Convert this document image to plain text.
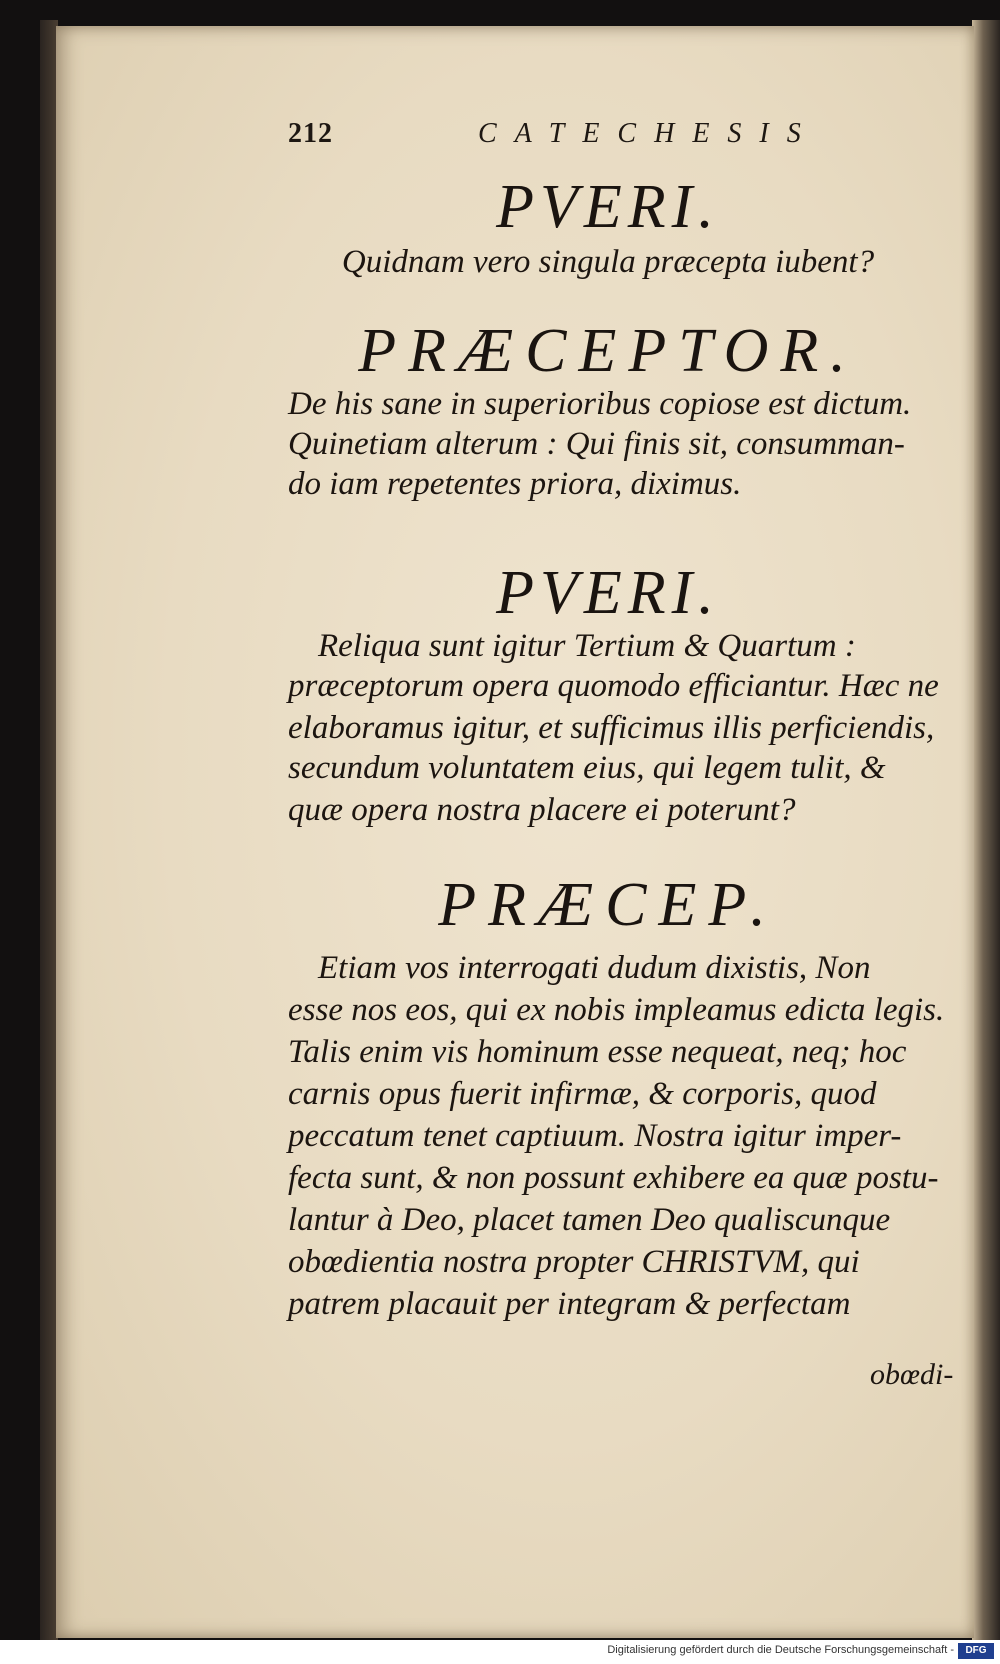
212	CATECHESIS
PVERI.
Quidnam vero singula præcepta iubent?
PRÆCEPTOR.
De his sane in superioribus copiose est dictum.
Quinetiam alterum : Qui finis sit, consumman-
do iam repetentes priora, diximus.
PVERI.
Reliqua sunt igitur Tertium & Quartum :
præceptorum opera quomodo efficiantur. Hæc ne
elaboramus igitur, et sufficimus illis perficiendis,
secundum voluntatem eius, qui legem tulit, &
quæ opera nostra placere ei poterunt?
PRÆCEP.
Etiam vos interrogati dudum dixistis, Non
esse nos eos, qui ex nobis impleamus edicta legis.
Talis enim vis hominum esse nequeat, neq; hoc
carnis opus fuerit infirmæ, & corporis, quod
peccatum tenet captiuum. Nostra igitur imper-
fecta sunt, & non possunt exhibere ea quæ postu-
lantur à Deo, placet tamen Deo qualiscunque
obœdientia nostra propter CHRISTVM, qui
patrem placauit per integram & perfectam
obœdi-
Digitalisierung gefördert durch die Deutsche Forschungsgemeinschaft -	DFG
